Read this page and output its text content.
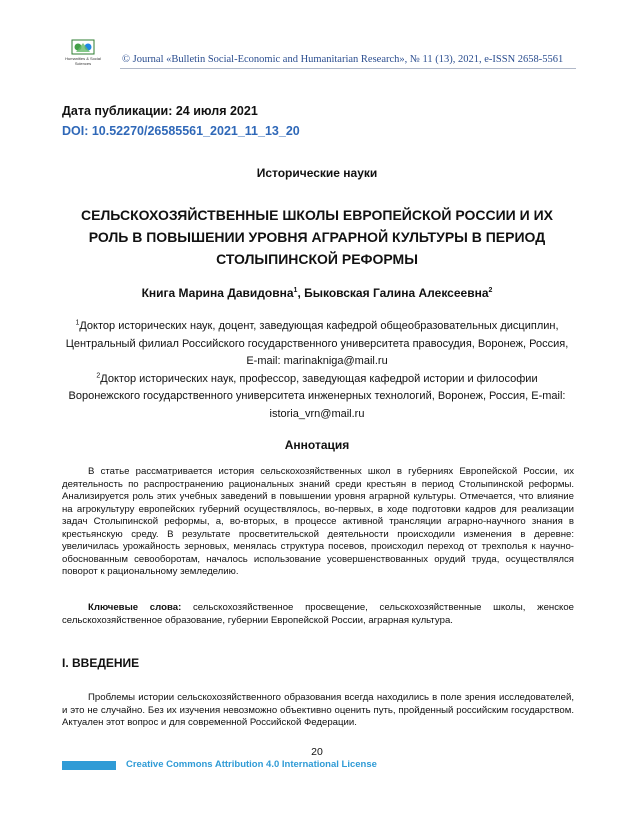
Humanities & Social
Sciences	© Journal «Bulletin Social-Economic and Humanitarian Research», № 11 (13), 2021, e-ISSN 2658-5561
Дата публикации: 24 июля 2021
DOI: 10.52270/26585561_2021_11_13_20
Исторические науки
СЕЛЬСКОХОЗЯЙСТВЕННЫЕ ШКОЛЫ ЕВРОПЕЙСКОЙ РОССИИ И ИХ РОЛЬ В ПОВЫШЕНИИ УРОВНЯ АГРАРНОЙ КУЛЬТУРЫ В ПЕРИОД СТОЛЫПИНСКОЙ РЕФОРМЫ
Книга Марина Давидовна$^1$, Быковская Галина Алексеевна$^2$
$^1$Доктор исторических наук, доцент, заведующая кафедрой общеобразовательных дисциплин, Центральный филиал Российского государственного университета правосудия, Воронеж, Россия, E-mail: marinakniga@mail.ru
$^2$Доктор исторических наук, профессор, заведующая кафедрой истории и философии Воронежского государственного университета инженерных технологий, Воронеж, Россия, E-mail: istoria_vrn@mail.ru
Аннотация
В статье рассматривается история сельскохозяйственных школ в губерниях Европейской России, их деятельность по распространению рациональных знаний среди крестьян в период Столыпинской реформы. Анализируется роль этих учебных заведений в повышении уровня аграрной культуры. Отмечается, что влияние на агрокультуру европейских губерний осуществлялось, во-первых, в ходе подготовки кадров для реализации задач Столыпинской реформы, а, во-вторых, в процессе активной трансляции аграрно-научного знания в крестьянскую среду. В результате просветительской деятельности происходили изменения в деревне: увеличилась урожайность зерновых, менялась структура посевов, происходил переход от трехполья к научно-обоснованным севооборотам, началось использование усовершенствованных орудий труда, осуществлялся поворот к рациональному земледелию.
Ключевые слова: сельскохозяйственное просвещение, сельскохозяйственные школы, женское сельскохозяйственное образование, губернии Европейской России, аграрная культура.
I. ВВЕДЕНИЕ
Проблемы истории сельскохозяйственного образования всегда находились в поле зрения исследователей, и это не случайно. Без их изучения невозможно объективно оценить путь, пройденный российским государством. Актуален этот вопрос и для современной Российской Федерации.
20
Creative Commons Attribution 4.0 International License
